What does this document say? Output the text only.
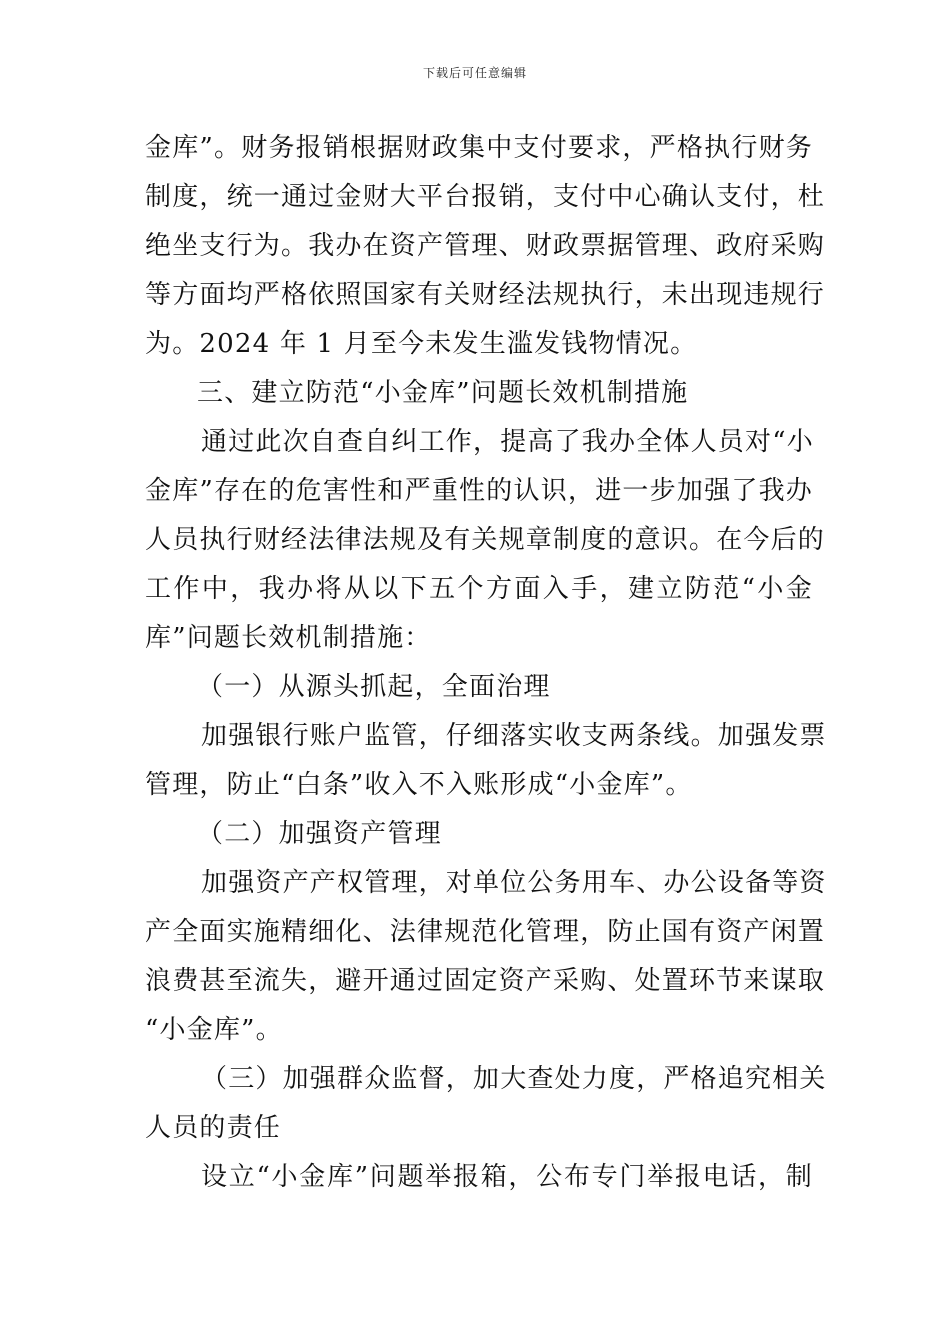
下载后可任意编辑
金库”。财务报销根据财政集中支付要求，严格执行财务
制度，统一通过金财大平台报销，支付中心确认支付，杜
绝坐支行为。我办在资产管理、财政票据管理、政府采购
等方面均严格依照国家有关财经法规执行，未出现违规行
为。2024 年 1 月至今未发生滥发钱物情况。
三、建立防范“小金库”问题长效机制措施
通过此次自查自纠工作，提高了我办全体人员对“小
金库”存在的危害性和严重性的认识，进一步加强了我办
人员执行财经法律法规及有关规章制度的意识。在今后的
工作中，我办将从以下五个方面入手，建立防范“小金
库”问题长效机制措施：
（一）从源头抓起，全面治理
加强银行账户监管，仔细落实收支两条线。加强发票
管理，防止“白条”收入不入账形成“小金库”。
（二）加强资产管理
加强资产产权管理，对单位公务用车、办公设备等资
产全面实施精细化、法律规范化管理，防止国有资产闲置
浪费甚至流失，避开通过固定资产采购、处置环节来谋取
“小金库”。
（三）加强群众监督，加大查处力度，严格追究相关
人员的责任
设立“小金库”问题举报箱，公布专门举报电话，制
